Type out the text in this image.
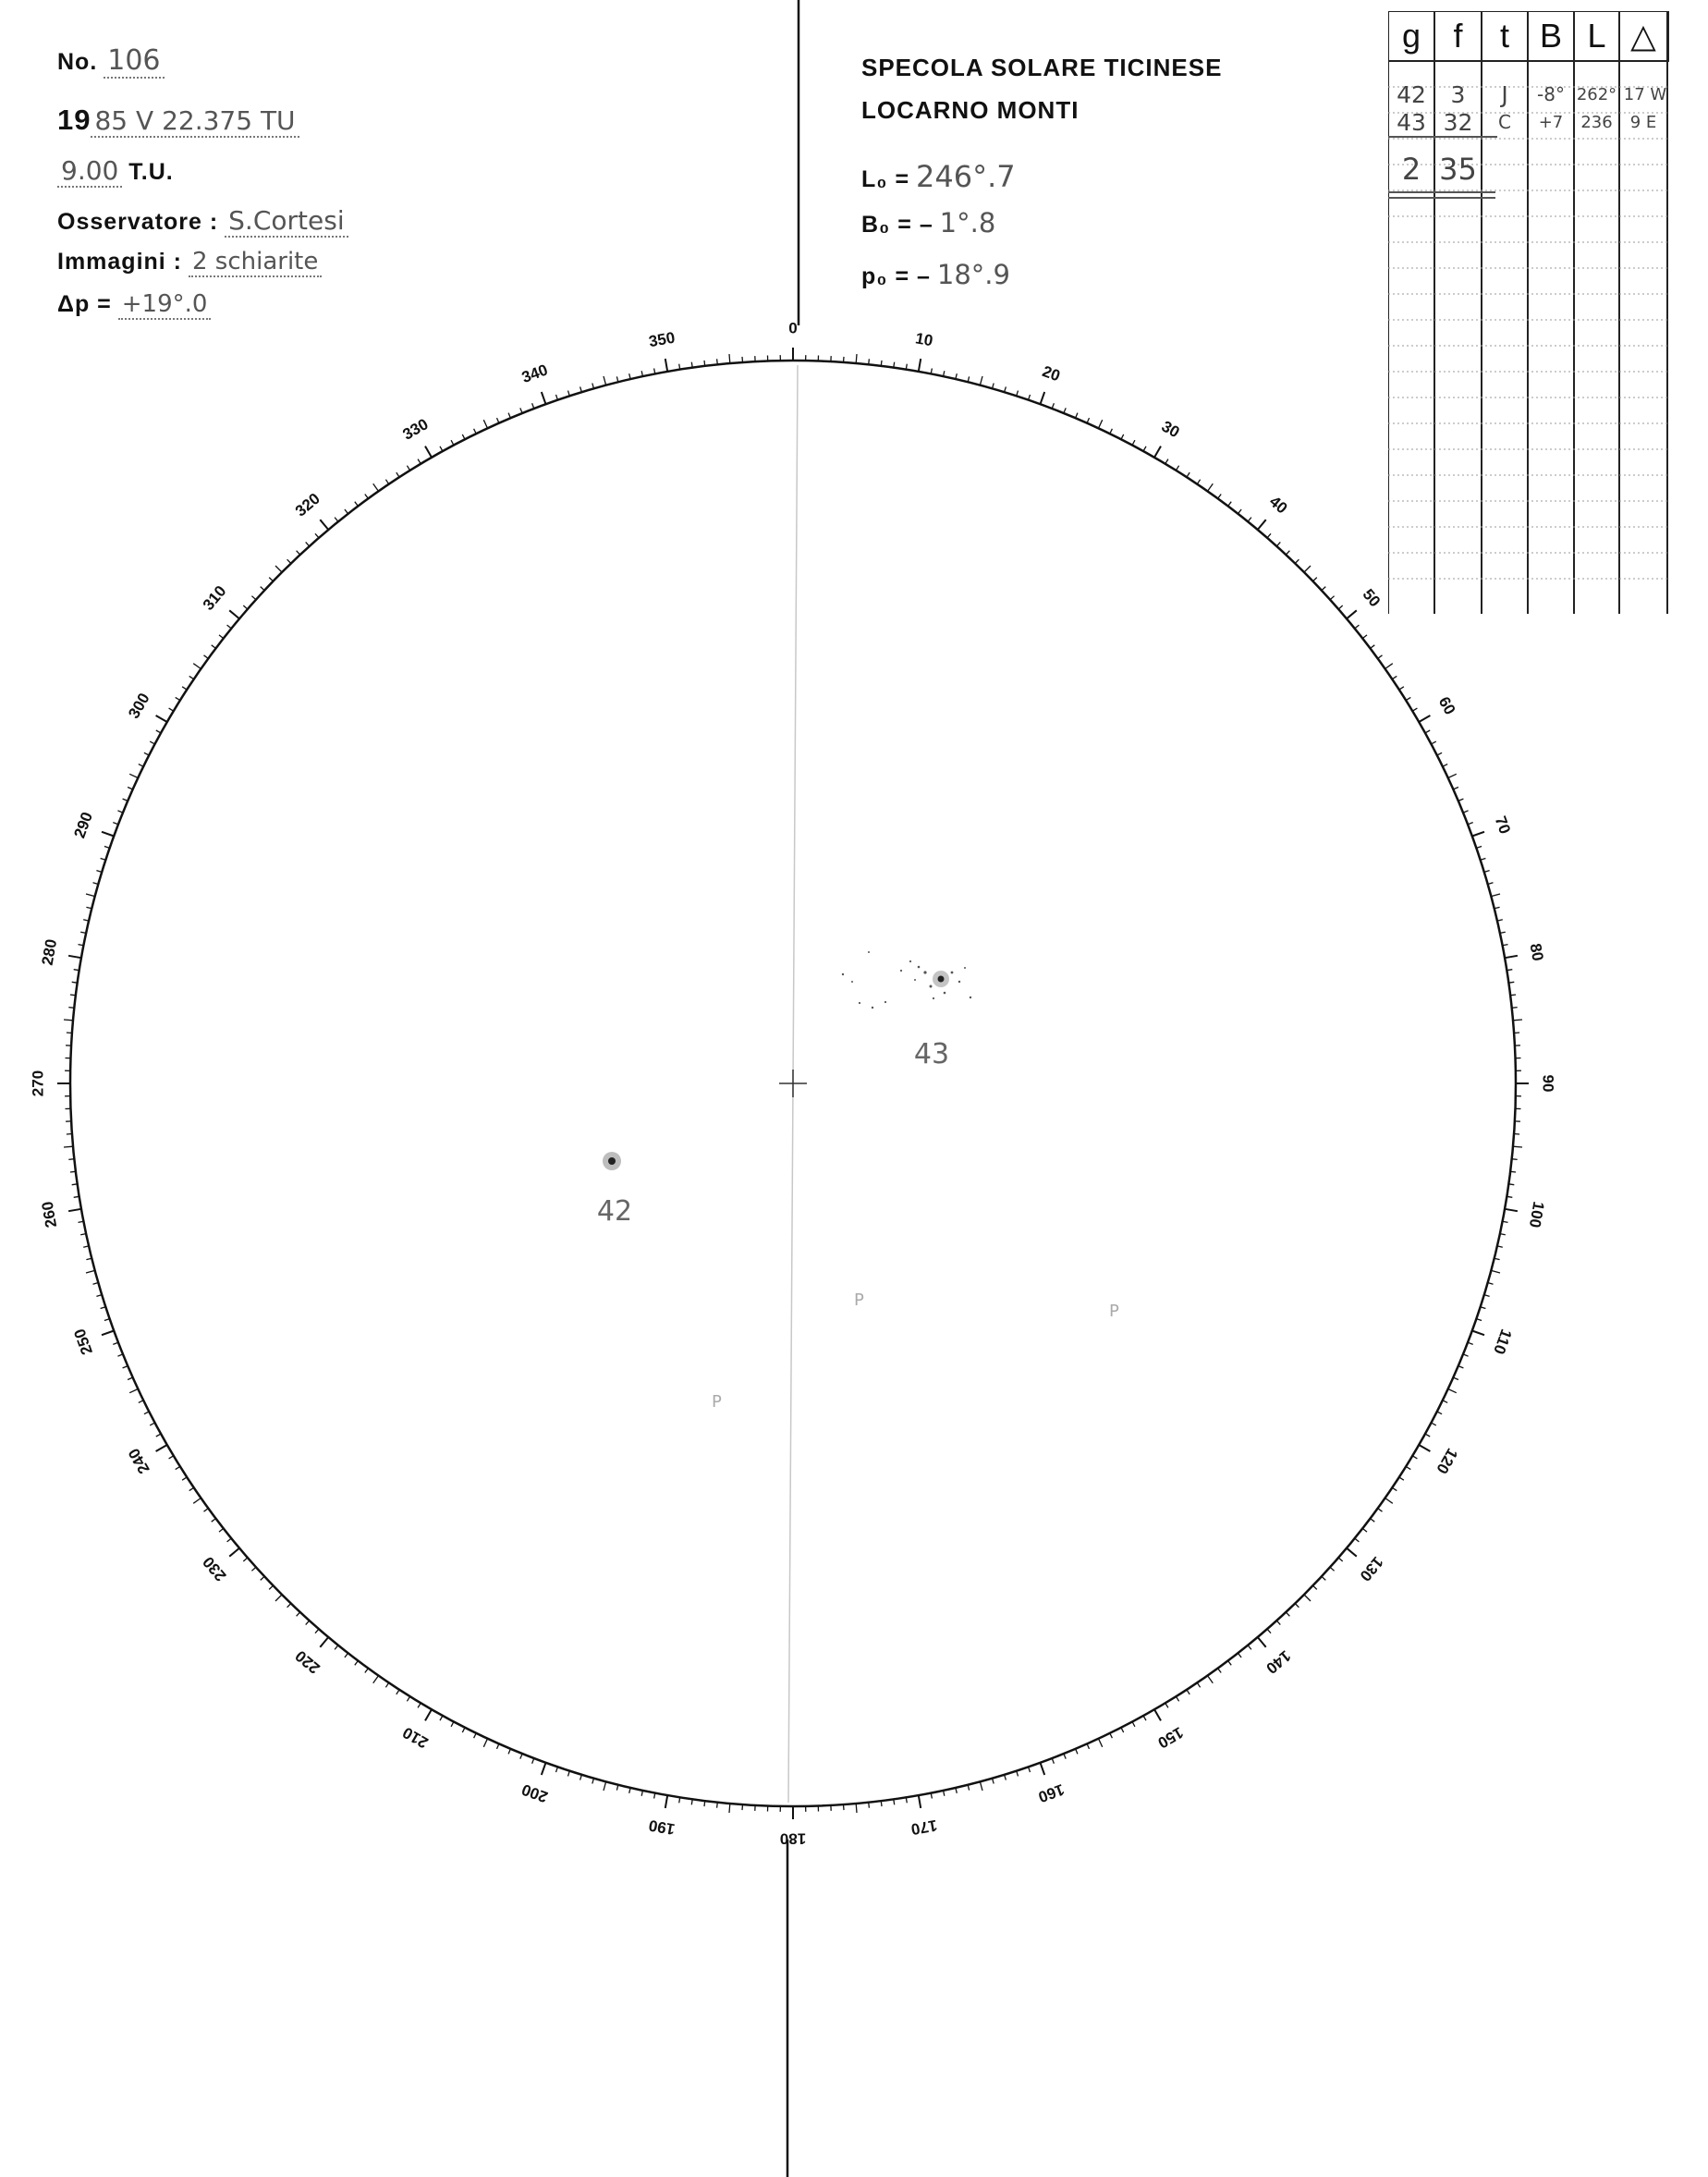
No. 106
19 85 V 22.375 TU
9.00 T.U.
Osservatore : S.Cortesi
Immagini : 2 schiarite
Δp = +19°.0
SPECOLA SOLARE TICINESE
LOCARNO MONTI
L₀ = 246°.7
B₀ = – 1°.8
p₀ = – 18°.9
g f	t B L △
42	3	J	-8° 262° 17 W
43 32	C	+7	236	9 E
2 35
0
10
20
30
40
50
60
70
80
90
100
110
120
130
140
150
160
170
180
190
200
210
220
230
240
250
260
270
280
290
300
310
320
330
340
350
42
43
P
P
P
